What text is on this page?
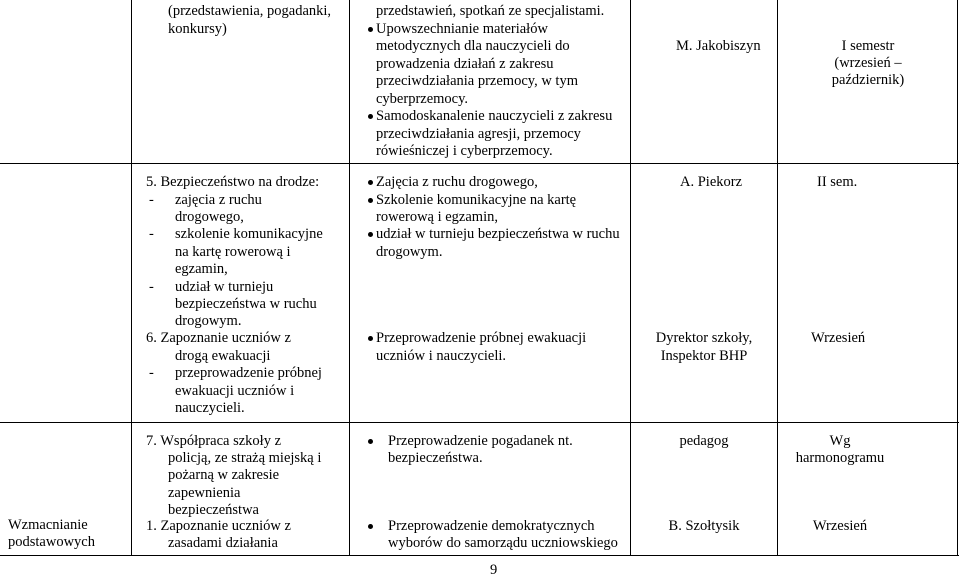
(przedstawienia, pogadanki,
konkursy)
przedstawień, spotkań ze specjalistami.
Upowszechnianie materiałów
metodycznych dla nauczycieli do
prowadzenia działań z zakresu
przeciwdziałania przemocy, w tym
cyberprzemocy.
Samodoskanalenie nauczycieli z zakresu
przeciwdziałania agresji, przemocy
rówieśniczej i cyberprzemocy.
M. Jakobiszyn	I semestr
(wrzesień –
październik)
5. Bezpieczeństwo na drodze:
- zajęcia z ruchu
drogowego,
- szkolenie komunikacyjne
na kartę rowerową i
egzamin,
- udział w turnieju
bezpieczeństwa w ruchu
drogowym.
6. Zapoznanie uczniów z
drogą ewakuacji
- przeprowadzenie próbnej
ewakuacji uczniów i
nauczycieli.
Zajęcia z ruchu drogowego,
Szkolenie komunikacyjne na kartę
rowerową i egzamin,
udział w turnieju bezpieczeństwa w ruchu
drogowym.
Przeprowadzenie próbnej ewakuacji
uczniów i nauczycieli.
A. Piekorz
Dyrektor szkoły,
Inspektor BHP
II sem.
Wrzesień
Wzmacnianie
podstawowych
7. Współpraca szkoły z
policją, ze strażą miejską i
pożarną w zakresie
zapewnienia
bezpieczeństwa
1. Zapoznanie uczniów z
zasadami działania
Przeprowadzenie pogadanek nt.
bezpieczeństwa.
Przeprowadzenie demokratycznych
wyborów do samorządu uczniowskiego
pedagog
B. Szołtysik
Wg
harmonogramu
Wrzesień
9
